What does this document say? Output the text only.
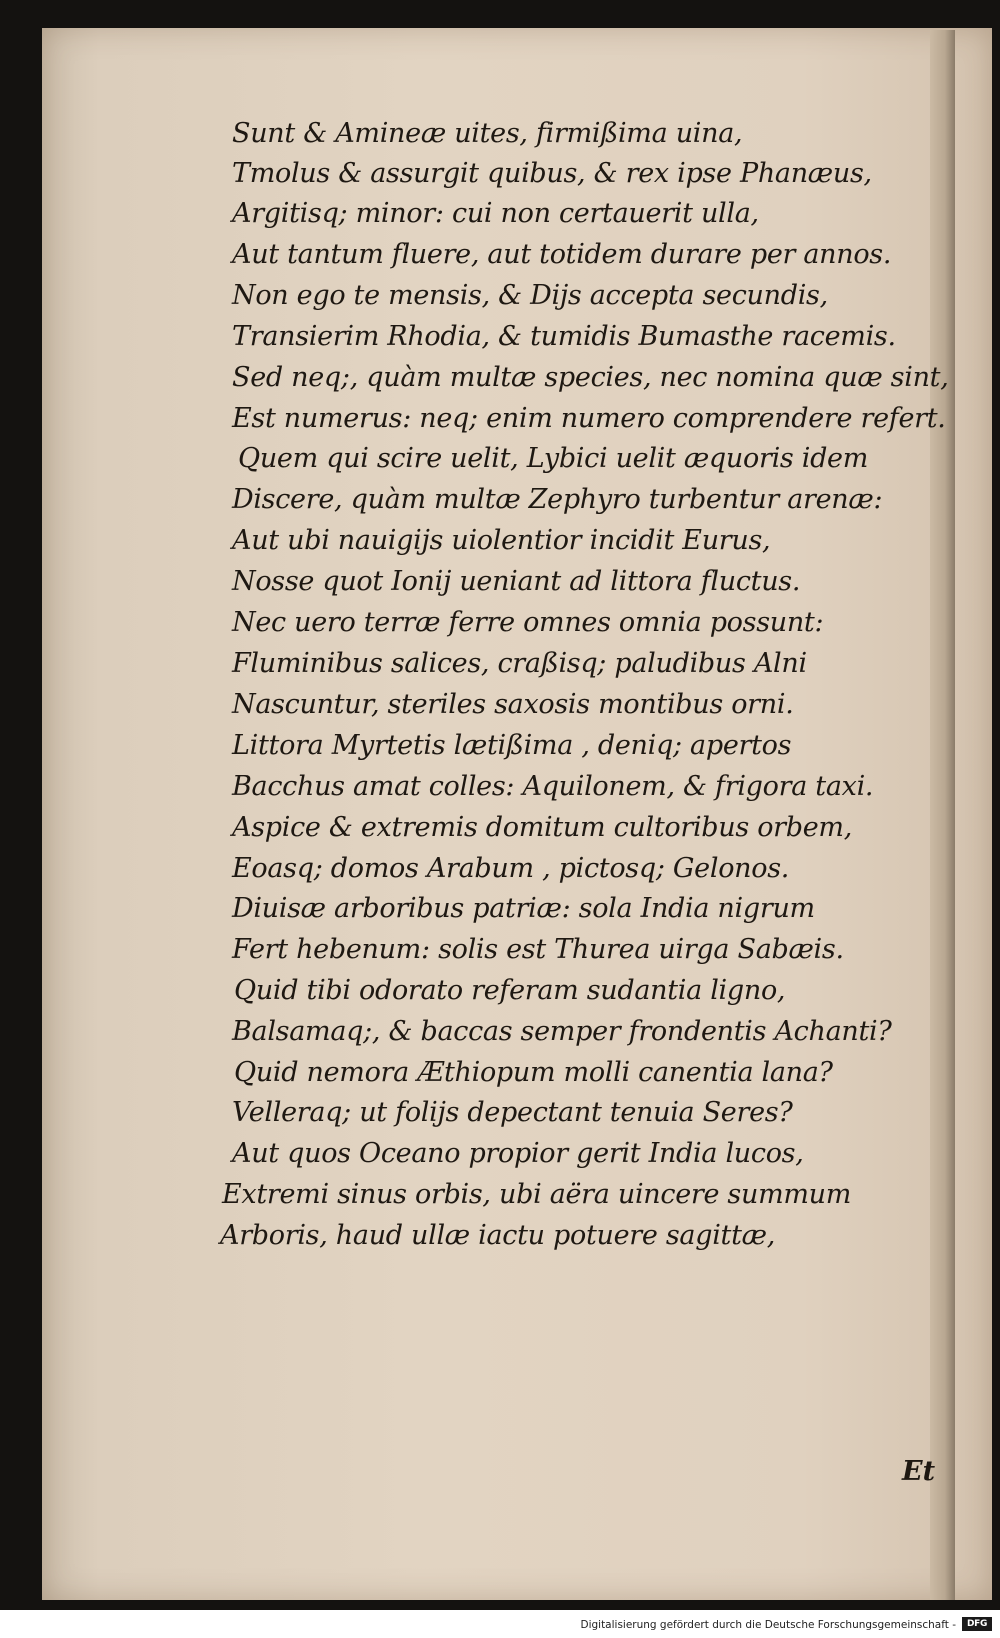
Sunt & Amineæ uites, firmißima uina,
Tmolus & assurgit quibus, & rex ipse Phanæus,
Argitisq; minor: cui non certauerit ulla,
Aut tantum fluere, aut totidem durare per annos.
Non ego te mensis, & Dijs accepta secundis,
Transierim Rhodia, & tumidis Bumasthe racemis.
Sed neq;, quàm multæ species, nec nomina quæ sint,
Est numerus: neq; enim numero comprendere refert.
Quem qui scire uelit, Lybici uelit æquoris idem
Discere, quàm multæ Zephyro turbentur arenæ:
Aut ubi nauigijs uiolentior incidit Eurus,
Nosse quot Ionij ueniant ad littora fluctus.
Nec uero terræ ferre omnes omnia possunt:
Fluminibus salices, craßisq; paludibus Alni
Nascuntur, steriles saxosis montibus orni.
Littora Myrtetis lætißima , deniq; apertos
Bacchus amat colles: Aquilonem, & frigora taxi.
Aspice & extremis domitum cultoribus orbem,
Eoasq; domos Arabum , pictosq; Gelonos.
Diuisæ arboribus patriæ: sola India nigrum
Fert hebenum: solis est Thurea uirga Sabæis.
Quid tibi odorato referam sudantia ligno,
Balsamaq;, & baccas semper frondentis Achanti?
Quid nemora Æthiopum molli canentia lana?
Velleraq; ut folijs depectant tenuia Seres?
Aut quos Oceano propior gerit India lucos,
Extremi sinus orbis, ubi aëra uincere summum
Arboris, haud ullæ iactu potuere sagittæ,
Et
Digitalisierung gefördert durch die Deutsche Forschungsgemeinschaft -	DFG
